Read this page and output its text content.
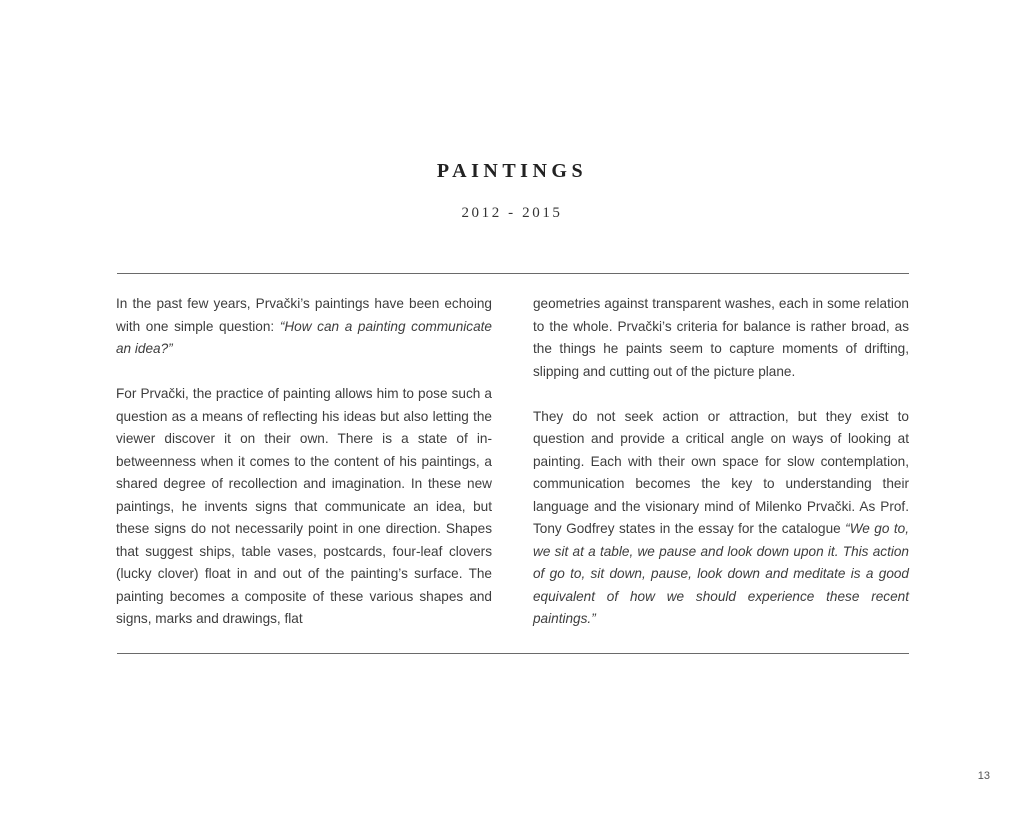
PAINTINGS
2012 - 2015

In the past few years, Prvački’s paintings have been echoing with one simple question: “How can a painting communicate an idea?”

For Prvački, the practice of painting allows him to pose such a question as a means of reflecting his ideas but also letting the viewer discover it on their own. There is a state of in-betweenness when it comes to the content of his paintings, a shared degree of recollection and imagination. In these new paintings, he invents signs that communicate an idea, but these signs do not necessarily point in one direction. Shapes that suggest ships, table vases, postcards, four-leaf clovers (lucky clover) float in and out of the painting’s surface. The painting becomes a composite of these various shapes and signs, marks and drawings, flat

geometries against transparent washes, each in some relation to the whole. Prvački’s criteria for balance is rather broad, as the things he paints seem to capture moments of drifting, slipping and cutting out of the picture plane.

They do not seek action or attraction, but they exist to question and provide a critical angle on ways of looking at painting. Each with their own space for slow contemplation, communication becomes the key to understanding their language and the visionary mind of Milenko Prvački. As Prof. Tony Godfrey states in the essay for the catalogue “We go to, we sit at a table, we pause and look down upon it. This action of go to, sit down, pause, look down and meditate is a good equivalent of how we should experience these recent paintings.”

13
